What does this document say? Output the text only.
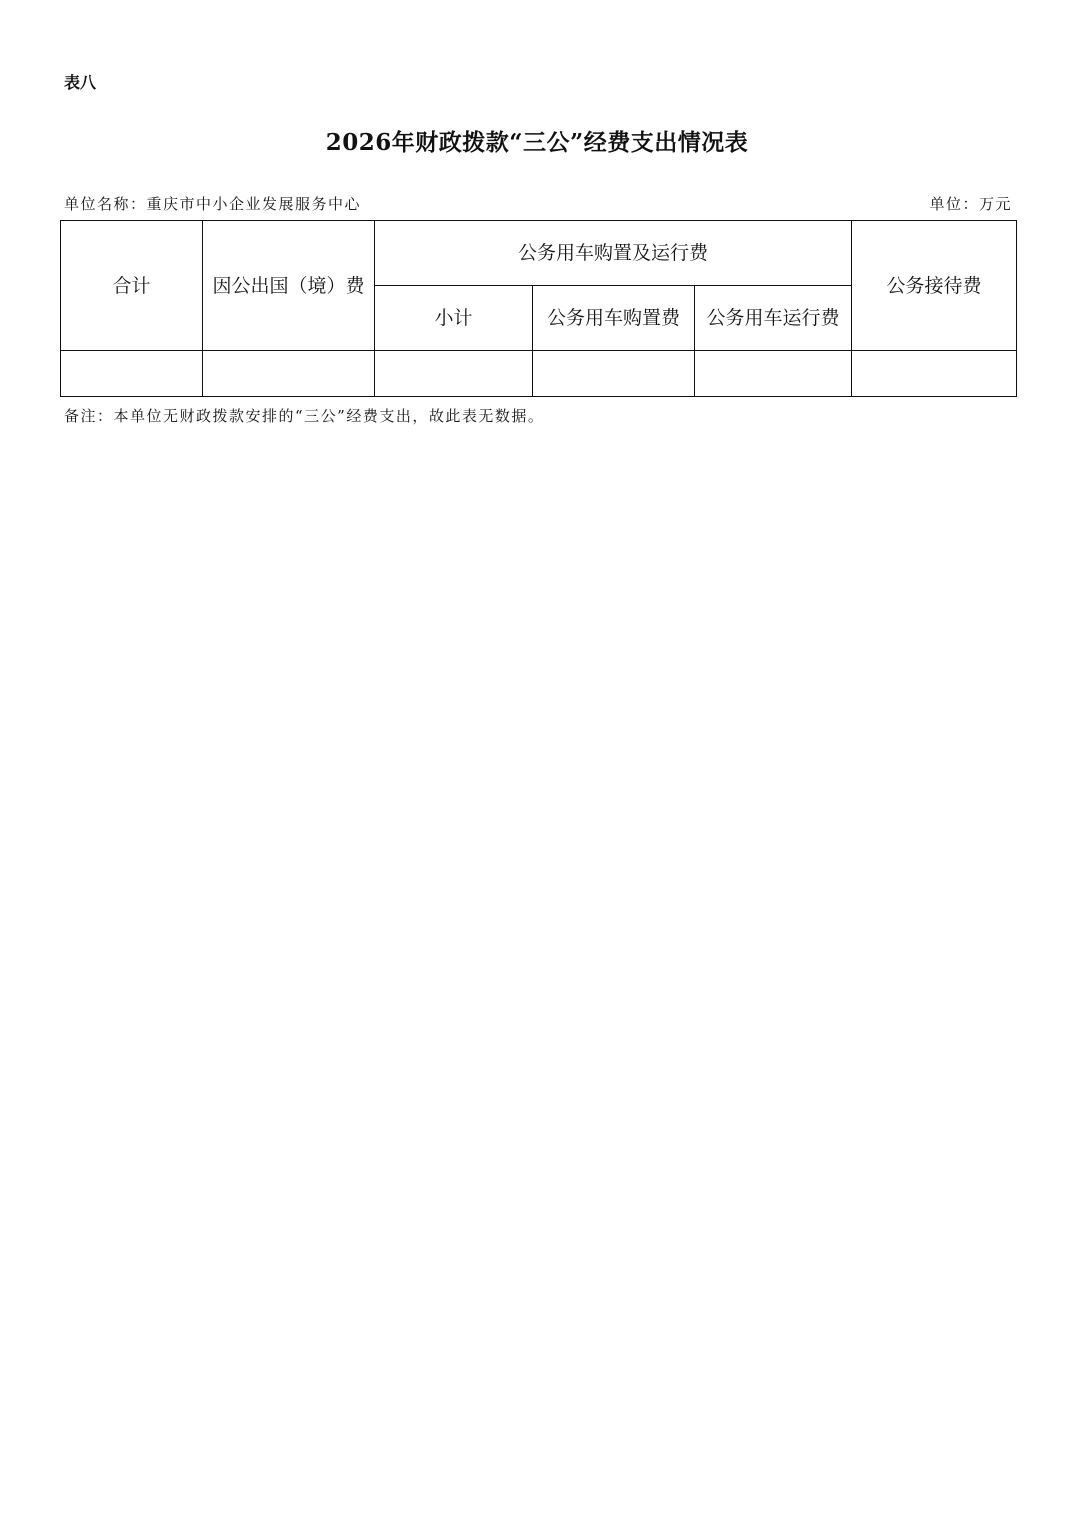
表八
2026年财政拨款“三公”经费支出情况表
单位名称：重庆市中小企业发展服务中心	单位：万元
合计	因公出国（境）费	公务用车购置及运行费			公务接待费
		小计	公务用车购置费	公务用车运行费	

备注：本单位无财政拨款安排的“三公”经费支出，故此表无数据。
